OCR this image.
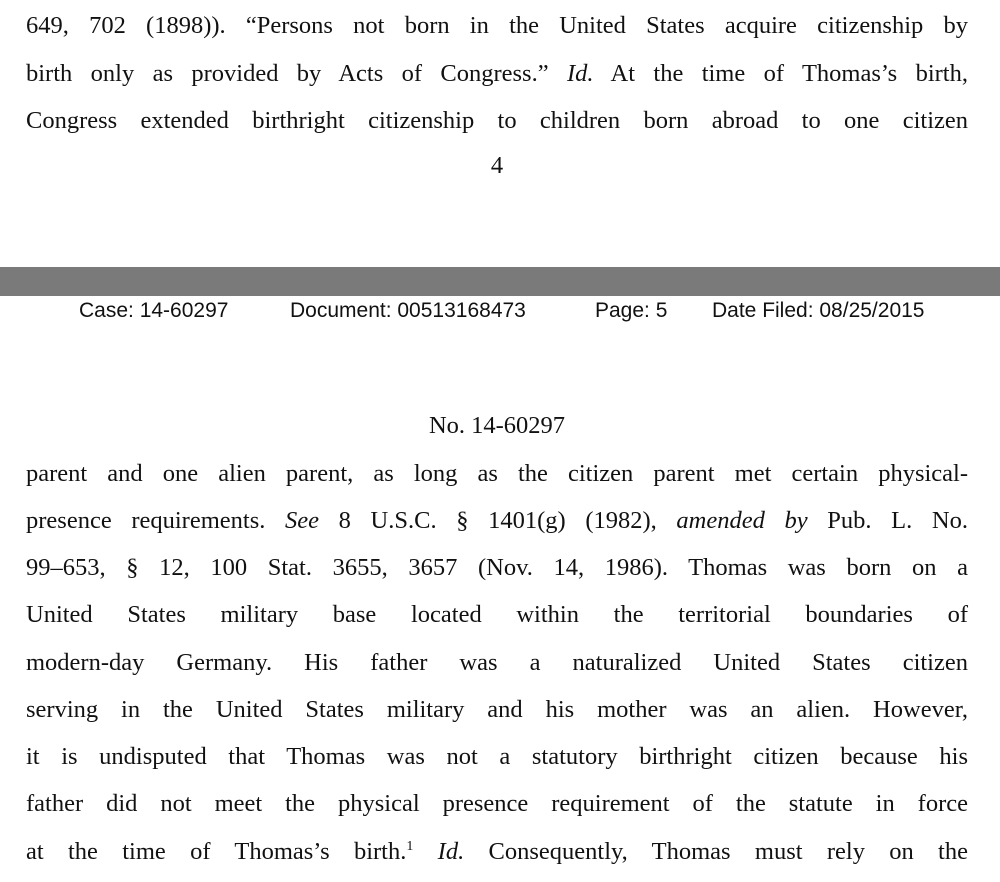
649, 702 (1898)). “Persons not born in the United States acquire citizenship by
birth only as provided by Acts of Congress.” Id. At the time of Thomas’s birth,
Congress extended birthright citizenship to children born abroad to one citizen
4
Case: 14-60297	Document: 00513168473	Page: 5 Date Filed: 08/25/2015
No. 14-60297
parent and one alien parent, as long as the citizen parent met certain physical-
presence requirements. See 8 U.S.C. § 1401(g) (1982), amended by Pub. L. No.
99–653, § 12, 100 Stat. 3655, 3657 (Nov. 14, 1986). Thomas was born on a
United States military base located within the territorial boundaries of
modern-day Germany. His father was a naturalized United States citizen
serving in the United States military and his mother was an alien. However,
it is undisputed that Thomas was not a statutory birthright citizen because his
father did not meet the physical presence requirement of the statute in force
at the time of Thomas’s birth.$^1$ Id. Consequently, Thomas must rely on the
